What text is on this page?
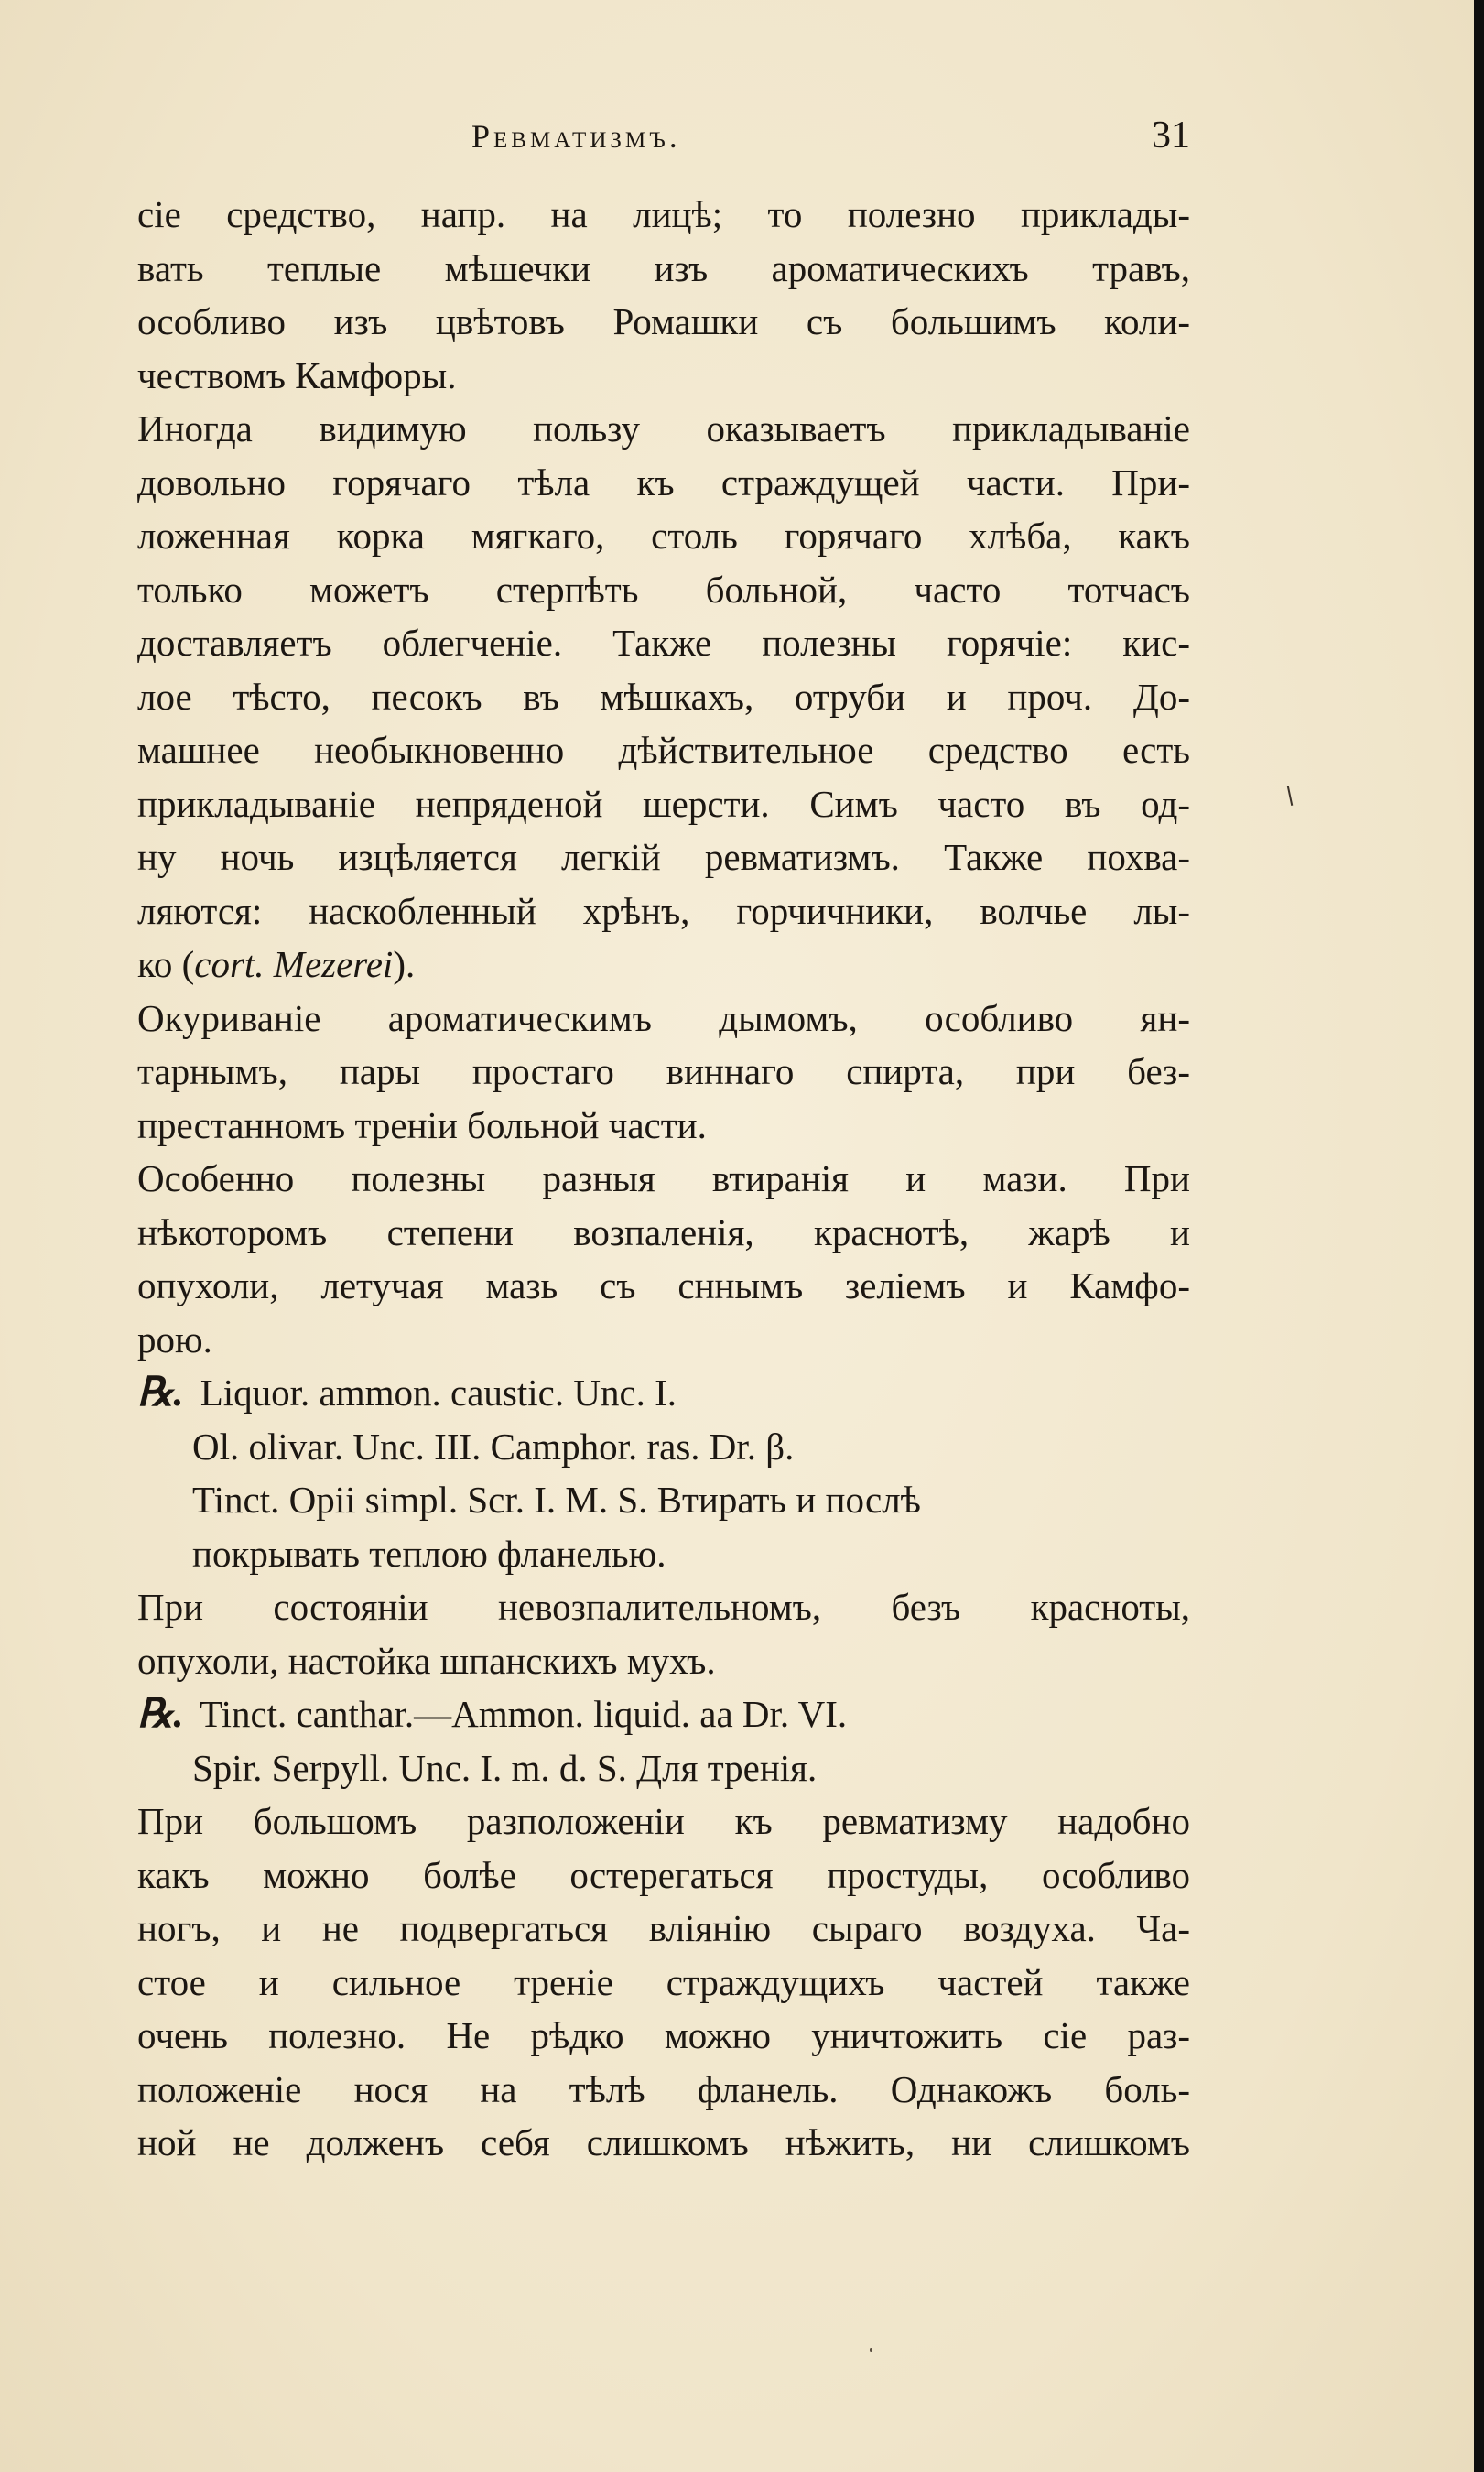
Ревматизмъ.	31
сіе средство, напр. на лицѣ; то полезно приклады-
вать теплые мѣшечки изъ ароматическихъ травъ,
особливо изъ цвѣтовъ Ромашки съ большимъ коли-
чествомъ Камфоры.
Иногда видимую пользу оказываетъ прикладываніе
довольно горячаго тѣла къ страждущей части. При-
ложенная корка мягкаго, столь горячаго хлѣба, какъ
только можетъ стерпѣть больной, часто тотчасъ
доставляетъ облегченіе. Также полезны горячіе: кис-
лое тѣсто, песокъ въ мѣшкахъ, отруби и проч. До-
машнее необыкновенно дѣйствительное средство есть
прикладываніе непряденой шерсти. Симъ часто въ од-
ну ночь изцѣляется легкій ревматизмъ. Также похва-
ляются: наскобленный хрѣнъ, горчичники, волчье лы-
ко (cort. Mezerei).
Окуриваніе ароматическимъ дымомъ, особливо ян-
тарнымъ, пары простаго виннаго спирта, при без-
престанномъ треніи больной части.
Особенно полезны разныя втиранія и мази. При
нѣкоторомъ степени возпаленія, краснотѣ, жарѣ и
опухоли, летучая мазь съ сннымъ зеліемъ и Камфо-
рою.
℞. Liquor. ammon. caustic. Unc. I.
Ol. olivar. Unc. III. Camphor. ras. Dr. β.
Tinct. Opii simpl. Scr. I. M. S. Втирать и послѣ
покрывать теплою фланелью.
При состояніи невозпалительномъ, безъ красноты,
опухоли, настойка шпанскихъ мухъ.
℞. Tinct. canthar.—Ammon. liquid. aa Dr. VI.
Spir. Serpyll. Unc. I. m. d. S. Для тренія.
При большомъ разположеніи къ ревматизму надобно
какъ можно болѣе остерегаться простуды, особливо
ногъ, и не подвергаться вліянію сыраго воздуха. Ча-
стое и сильное треніе страждущихъ частей также
очень полезно. Не рѣдко можно уничтожить сіе раз-
положеніе нося на тѣлѣ фланель. Однакожъ боль-
ной не долженъ себя слишкомъ нѣжить, ни слишкомъ
